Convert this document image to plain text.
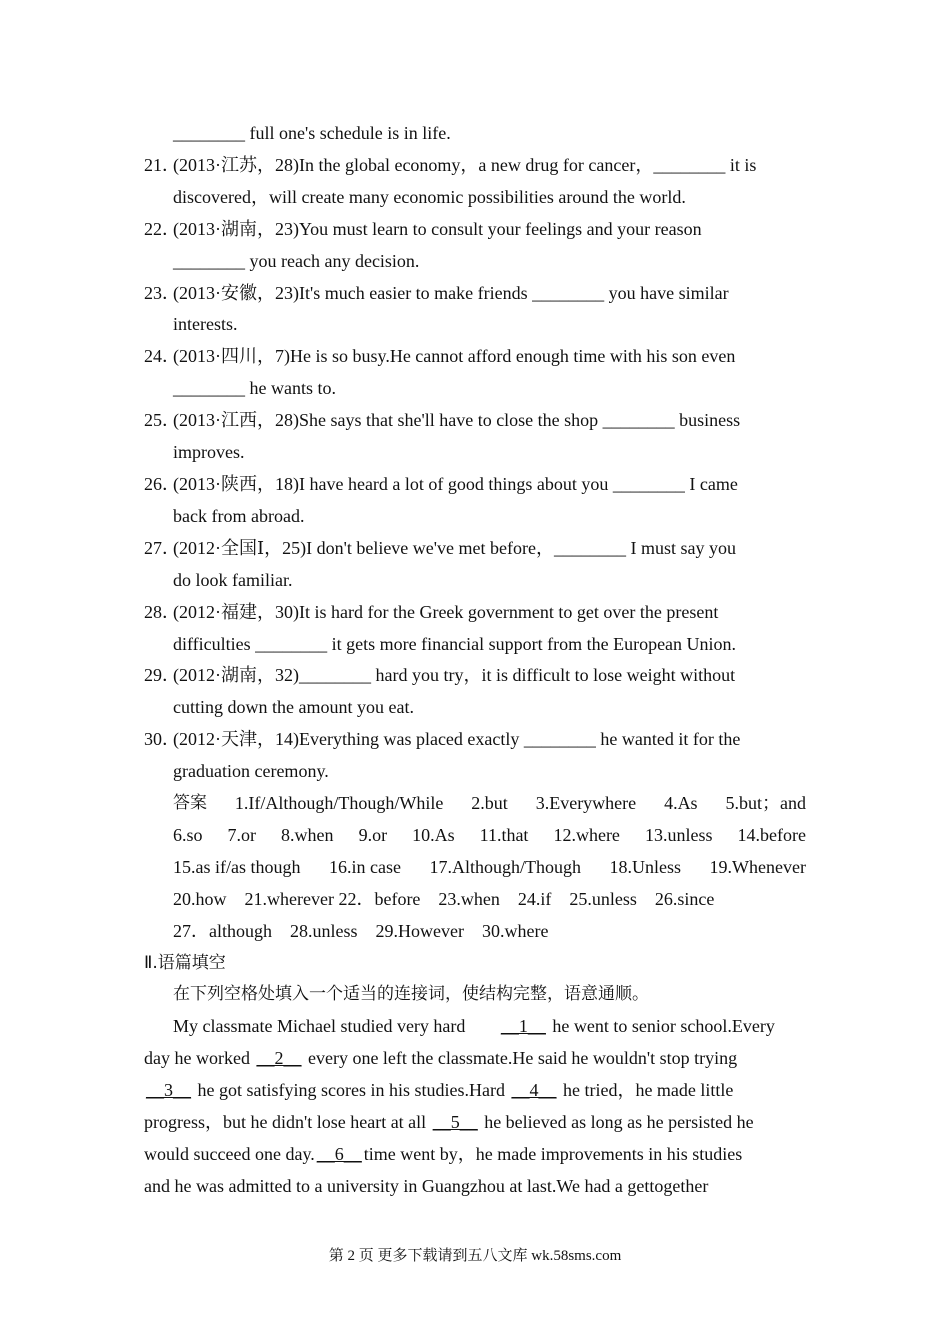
________ full one's schedule is in life.
21．
(2013·江苏，28)In the global economy，a new drug for cancer，________ it is
discovered，will create many economic possibilities around the world.
22．
(2013·湖南，23)You must learn to consult your feelings and your reason
________ you reach any decision.
23．
(2013·安徽，23)It's much easier to make friends ________ you have similar
interests.
24．
(2013·四川，7)He is so busy.He cannot afford enough time with his son even
________ he wants to.
25．
(2013·江西，28)She says that she'll have to close the shop ________ business
improves.
26．
(2013·陕西，18)I have heard a lot of good things about you ________ I came
back from abroad.
27．
(2012·全国Ⅰ，25)I don't believe we've met before，________ I must say you
do look familiar.
28．
(2012·福建，30)It is hard for the Greek government to get over the present
difficulties ________ it gets more financial support from the European Union.
29．
(2012·湖南，32)________ hard you try，it is difficult to lose weight without
cutting down the amount you eat.
30．
(2012·天津，14)Everything was placed exactly ________ he wanted it for the
graduation ceremony.
答案 1.If/Although/Though/While 2.but 3.Everywhere 4.As 5.but；and
6.so 7.or 8.when 9.or 10.As 11.that 12.where 13.unless 14.before
15.as if/as though 16.in case 17.Although/Though 18.Unless 19.Whenever
20.how 21.wherever 22．before 23.when 24.if 25.unless 26.since
27．although 28.unless 29.However 30.where
Ⅱ.语篇填空
在下列空格处填入一个适当的连接词，使结构完整，语意通顺。
My classmate Michael studied very hard __1__ he went to senior school.Every
day he worked __2__ every one left the classmate.He said he wouldn't stop trying
__3__ he got satisfying scores in his studies.Hard __4__ he tried，he made little
progress，but he didn't lose heart at all __5__ he believed as long as he persisted he
would succeed one day. __6__ time went by，he made improvements in his studies
and he was admitted to a university in Guangzhou at last.We had a gettogether
第 2 页 更多下载请到五八文库 wk.58sms.com
